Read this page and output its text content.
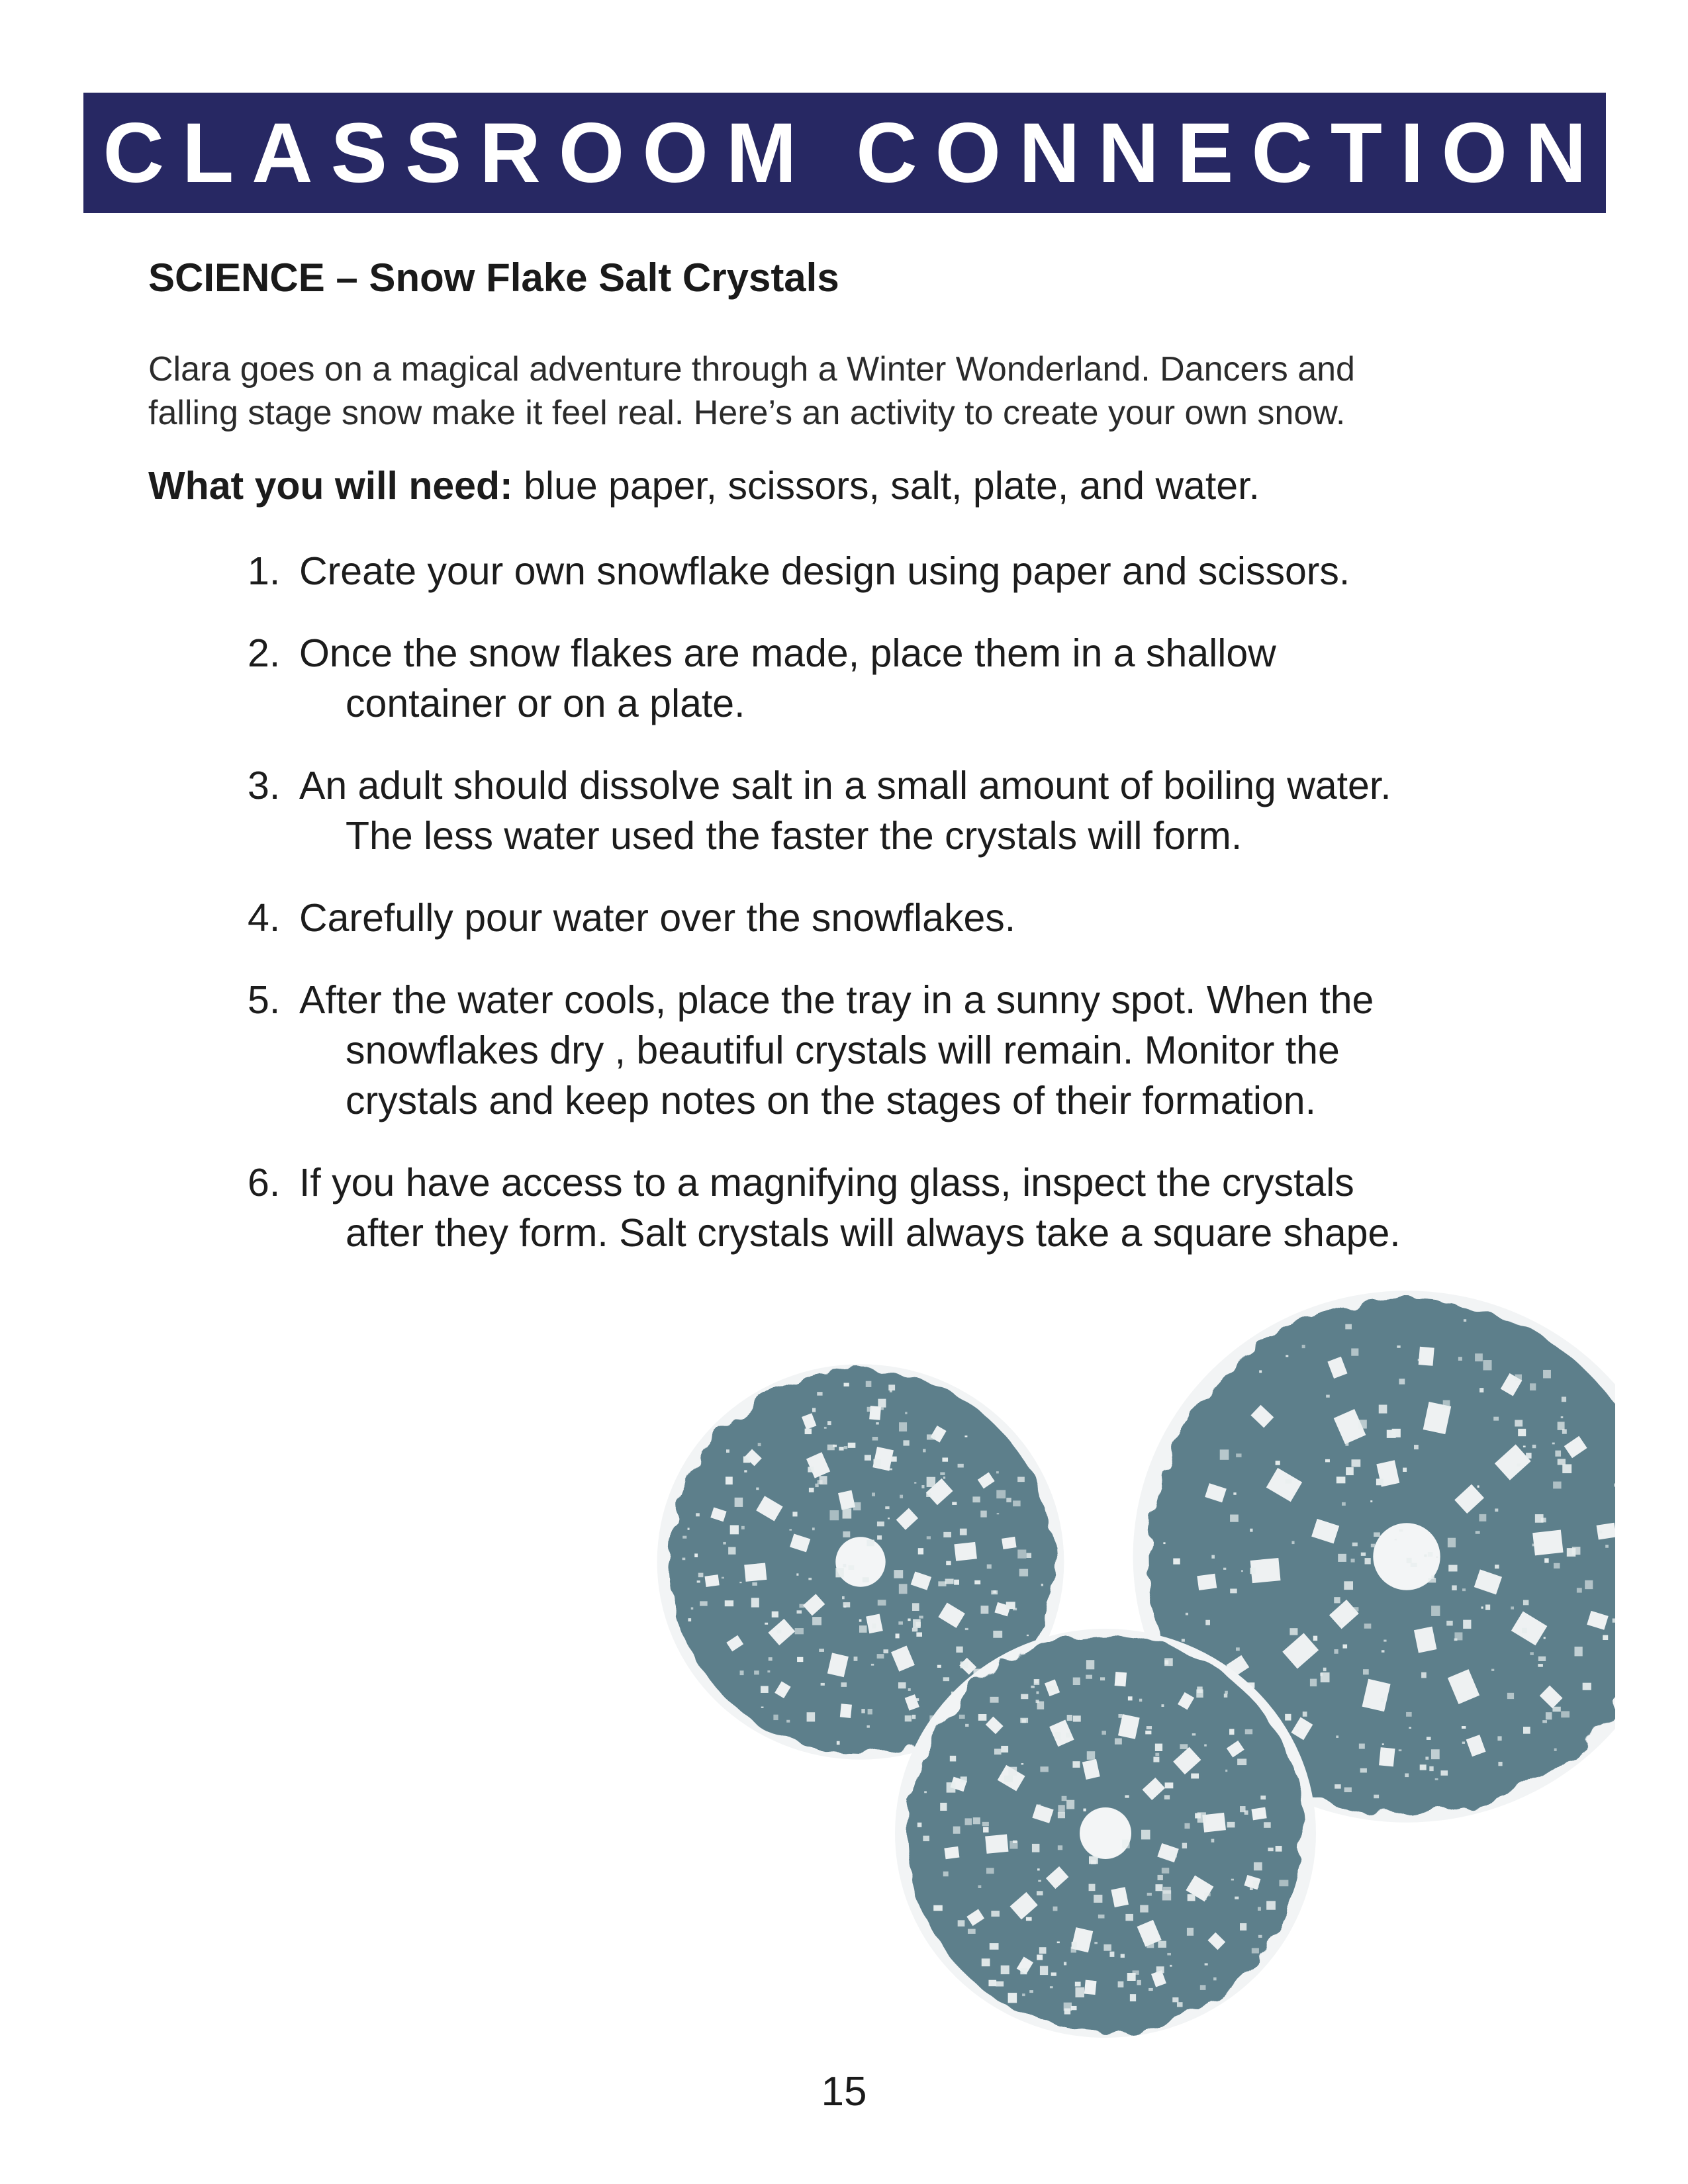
CLASSROOM CONNECTION
SCIENCE – Snow Flake Salt Crystals

Clara goes on a magical adventure through a Winter Wonderland. Dancers and

falling stage snow make it feel real. Here’s an activity to create your own snow.

What you will need: blue paper, scissors, salt, plate, and water.
1. Create your own snowflake design using paper and scissors.
2. Once the snow flakes are made, place them in a shallow
container or on a plate.
3. An adult should dissolve salt in a small amount of boiling water.
The less water used the faster the crystals will form.
4. Carefully pour water over the snowflakes.
5. After the water cools, place the tray in a sunny spot. When the
snowflakes dry , beautiful crystals will remain. Monitor the
crystals and keep notes on the stages of their formation.
6. If you have access to a magnifying glass, inspect the crystals
after they form. Salt crystals will always take a square shape.
15
